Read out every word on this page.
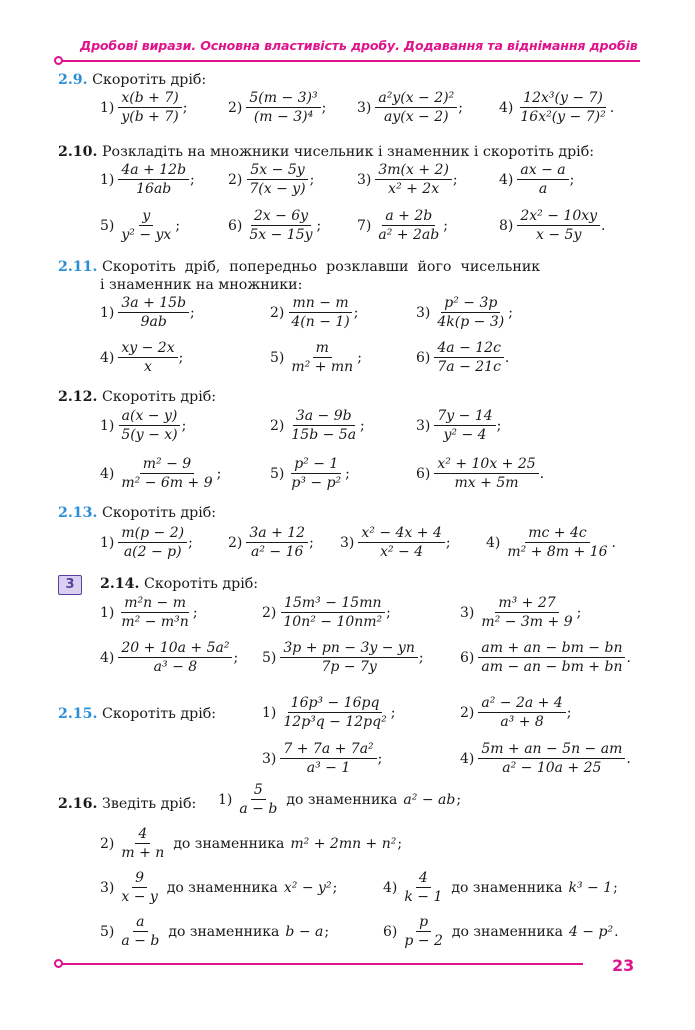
Дробові вирази. Основна властивість дробу. Додавання та віднімання дробів
2.9. Скоротіть дріб:
2.10. Розкладіть на множники чисельник і знаменник і скоротіть дріб:
2.11. Скоротіть  дріб,  попередньо  розклавши  його  чисельник
і знаменник на множники:
2.12. Скоротіть дріб:
2.13. Скоротіть дріб:
3	2.14. Скоротіть дріб:
2.15. Скоротіть дріб:
2.16. Зведіть дріб:
23
$1) \frac{x(b + 7)}{y(b + 7)}$ ;	$2) \frac{\text{5(m − 3)³}}{\text{(m − 3)⁴}}$ ; $3) \frac{\text{a²y(x − 2)²}}{ay(x - 2)}$ ;	$4) \frac{\text{12x³(y − 7)}}{\text{16x²(y − 7)²}}$ .
$1) \frac{4a + 12b}{16ab}$ ; $2) \frac{5x - 5y}{7(x - y)}$ ;	$3) \frac{3m(x + 2)}{\text{x² + 2x}}$ ;	$4) \frac{ax - a}{a}$ ;
$5) \frac{y}{\text{y² − yx}}$ ;	$6) \frac{2x - 6y}{5x - 15y}$ ;	$7) \frac{a + 2b}{\text{a² + 2ab}}$ ;	$8) \frac{\text{2x² − 10xy}}{x - 5y}$ .
$1) \frac{3a + 15b}{9ab}$ ;	$2) \frac{mn - m}{4(n - 1)}$ ;	$3) \frac{\text{p² − 3p}}{4k(p - 3)}$ ;
$4) \frac{xy - 2x}{x}$ ;	$5) \frac{m}{\text{m² + mn}}$ ;	$6) \frac{4a - 12c}{7a - 21c}$ .
$1) \frac{a(x - y)}{5(y - x)}$ ;	$2) \frac{3a - 9b}{15b - 5a}$ ;	$3) \frac{7y - 14}{\text{y² − 4}}$ ;
$4) \frac{\text{m² − 9}}{\text{m² − 6m + 9}}$ ;	$5) \frac{\text{p² − 1}}{\text{p³ − p²}}$ ;	$6) \frac{\text{x² + 10x + 25}}{mx + 5m}$ .
$1) \frac{m(p - 2)}{a(2 - p)}$ ;	$2) \frac{3a + 12}{\text{a² − 16}}$ ; $3) \frac{\text{x² − 4x + 4}}{\text{x² − 4}}$ ;	$4) \frac{mc + 4c}{\text{m² + 8m + 16}}$ .
$1) \frac{\text{m²n − m}}{\text{m² − m³n}}$ ;	$2) \frac{\text{15m³ − 15mn}}{\text{10n² − 10nm²}}$ ;	$3) \frac{\text{m³ + 27}}{\text{m² − 3m + 9}}$ ;
$4) \frac{\text{20 + 10a + 5a²}}{\text{a³ − 8}}$ ; $5) \frac{3p + pn - 3y - yn}{7p - 7y}$ ;	$6) \frac{am + an - bm - bn}{am - an - bm + bn}$ .
$1) \frac{\text{16p³ − 16pq}}{\text{12p³q − 12pq²}}$ ;	$2) \frac{\text{a² − 2a + 4}}{\text{a³ + 8}}$ ;
$3) \frac{\text{7 + 7a + 7a²}}{\text{a³ − 1}}$ ;	$4) \frac{5m + an - 5n - am}{\text{a² − 10a + 25}}$ .
$1) \frac{5}{a - b}$ до знаменника a² − ab ;
$2) \frac{4}{m + n}$ до знаменника m² + 2mn + n² ;
$3) \frac{9}{x - y}$ до знаменника x² − y² ;	$4) \frac{4}{k - 1}$ до знаменника k³ − 1 ;
$5) \frac{a}{a - b}$ до знаменника b − a ;	$6) \frac{p}{p - 2}$ до знаменника 4 − p² .
